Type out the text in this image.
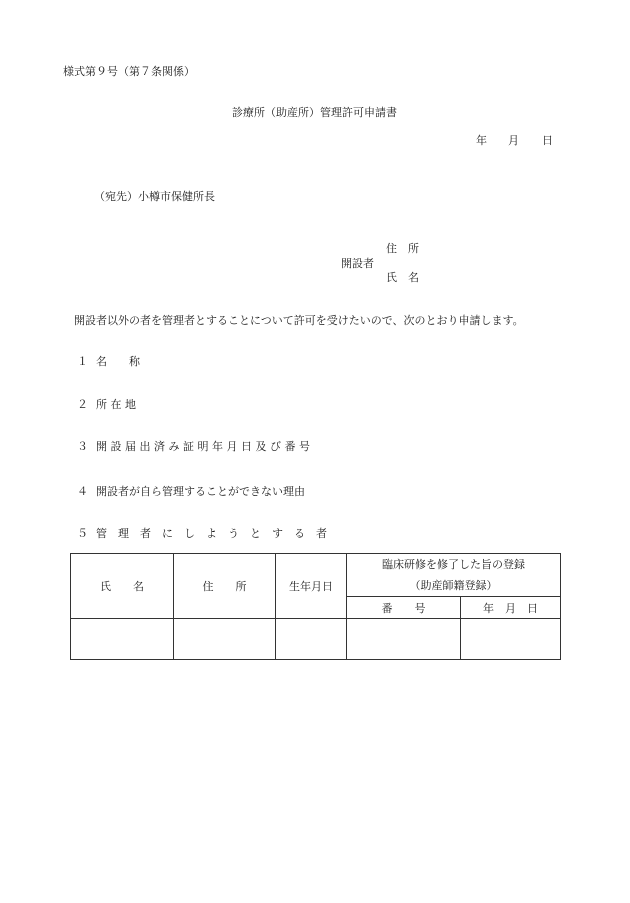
様式第９号（第７条関係）
診療所（助産所）管理許可申請書
年 月 日
（宛先）小樽市保健所長
住　所
開設者
氏　名
開設者以外の者を管理者とすることについて許可を受けたいので、次のとおり申請します。
１ 名　　称
２ 所 在 地
３ 開 設 届 出 済 み 証 明 年 月 日 及 び 番 号
４ 開設者が自ら管理することができない理由
５ 管　理　者　に　し　よ　う　と　す　る　者
氏　　名	住　　所	生年月日	臨床研修を修了した旨の登録
（助産師籍登録）	

			番　　号	年　月　日
